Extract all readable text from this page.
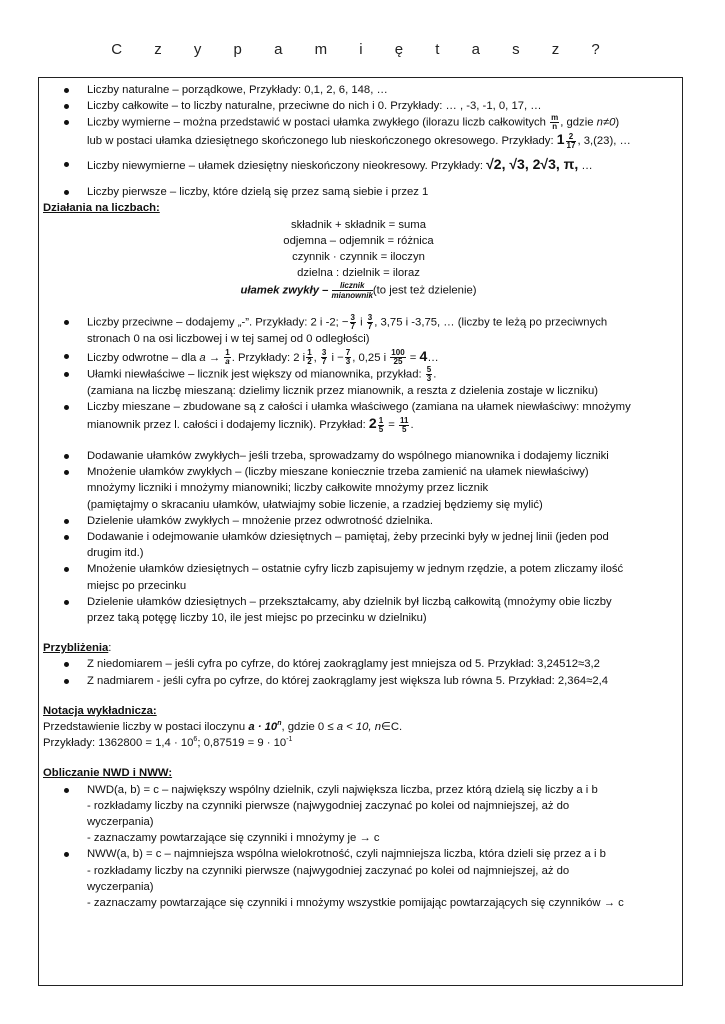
C z y p a m i ę t a s z ?
Liczby naturalne – porządkowe, Przykłady: 0,1, 2, 6, 148, …
Liczby całkowite – to liczby naturalne, przeciwne do nich i 0. Przykłady: … , -3, -1, 0, 17, …
Liczby wymierne – można przedstawić w postaci ułamka zwykłego (ilorazu liczb całkowitych $\frac{m}{n}$ , gdzie n≠0)
lub w postaci ułamka dziesiętnego skończonego lub nieskończonego okresowego. Przykłady: $1 \frac{2}{17}$ , 3,(23), …
Liczby niewymierne – ułamek dziesiętny nieskończony nieokresowy. Przykłady: √2, √3, 2√3, π, …
Liczby pierwsze – liczby, które dzielą się przez samą siebie i przez 1
Działania na liczbach:
składnik + składnik = suma
odjemna – odjemnik = różnica
czynnik · czynnik = iloczyn
dzielna : dzielnik = iloraz
ułamek zwykły –	licznik
mianownik (to jest też dzielenie)
Liczby przeciwne – dodajemy „-”. Przykłady: 2 i -2; − $\frac{3}{7}$ i $\frac{3}{7}$ , 3,75 i -3,75, … (liczby te leżą po przeciwnych
stronach 0 na osi liczbowej i w tej samej od 0 odległości)
Liczby odwrotne – dla $a \to \frac{1}{a}$. Przykłady: 2 i $\frac{1}{2}$ , $\frac{3}{7}$ $i - \frac{7}{3}$ , 0,25 i $\frac{100}{25}$ = 4…
Ułamki niewłaściwe – licznik jest większy od mianownika, przykład: $\frac{5}{3}$ .
(zamiana na liczbę mieszaną: dzielimy licznik przez mianownik, a reszta z dzielenia zostaje w liczniku)
Liczby mieszane – zbudowane są z całości i ułamka właściwego (zamiana na ułamek niewłaściwy: mnożymy
mianownik przez l. całości i dodajemy licznik). Przykład: $2 \frac{1}{5} = \frac{11}{5}$ .
Dodawanie ułamków zwykłych– jeśli trzeba, sprowadzamy do wspólnego mianownika i dodajemy liczniki
Mnożenie ułamków zwykłych – (liczby mieszane koniecznie trzeba zamienić na ułamek niewłaściwy)
mnożymy liczniki i mnożymy mianowniki; liczby całkowite mnożymy przez licznik
(pamiętajmy o skracaniu ułamków, ułatwiajmy sobie liczenie, a rzadziej będziemy się mylić)
Dzielenie ułamków zwykłych – mnożenie przez odwrotność dzielnika.
Dodawanie i odejmowanie ułamków dziesiętnych – pamiętaj, żeby przecinki były w jednej linii (jeden pod
drugim itd.)
Mnożenie ułamków dziesiętnych – ostatnie cyfry liczb zapisujemy w jednym rzędzie, a potem zliczamy ilość
miejsc po przecinku
Dzielenie ułamków dziesiętnych – przekształcamy, aby dzielnik był liczbą całkowitą (mnożymy obie liczby
przez taką potęgę liczby 10, ile jest miejsc po przecinku w dzielniku)
Przybliżenia:
Z niedomiarem – jeśli cyfra po cyfrze, do której zaokrąglamy jest mniejsza od 5. Przykład: 3,24512≈3,2
Z nadmiarem - jeśli cyfra po cyfrze, do której zaokrąglamy jest większa lub równa 5. Przykład: 2,364≈2,4
Notacja wykładnicza:
Przedstawienie liczby w postaci iloczynu $a \cdot 10^n$, gdzie 0 ≤ a < 10, n∈C.
Przykłady: $1362800 = 1,4 \cdot 10^6$; $0,87519 = 9 \cdot 10^{-1}$
Obliczanie NWD i NWW:
NWD(a, b) = c – największy wspólny dzielnik, czyli największa liczba, przez którą dzielą się liczby a i b
- rozkładamy liczby na czynniki pierwsze (najwygodniej zaczynać po kolei od najmniejszej, aż do
wyczerpania)
- zaznaczamy powtarzające się czynniki i mnożymy je → c
NWW(a, b) = c – najmniejsza wspólna wielokrotność, czyli najmniejsza liczba, która dzieli się przez a i b
- rozkładamy liczby na czynniki pierwsze (najwygodniej zaczynać po kolei od najmniejszej, aż do
wyczerpania)
- zaznaczamy powtarzające się czynniki i mnożymy wszystkie pomijając powtarzających się czynników → c
